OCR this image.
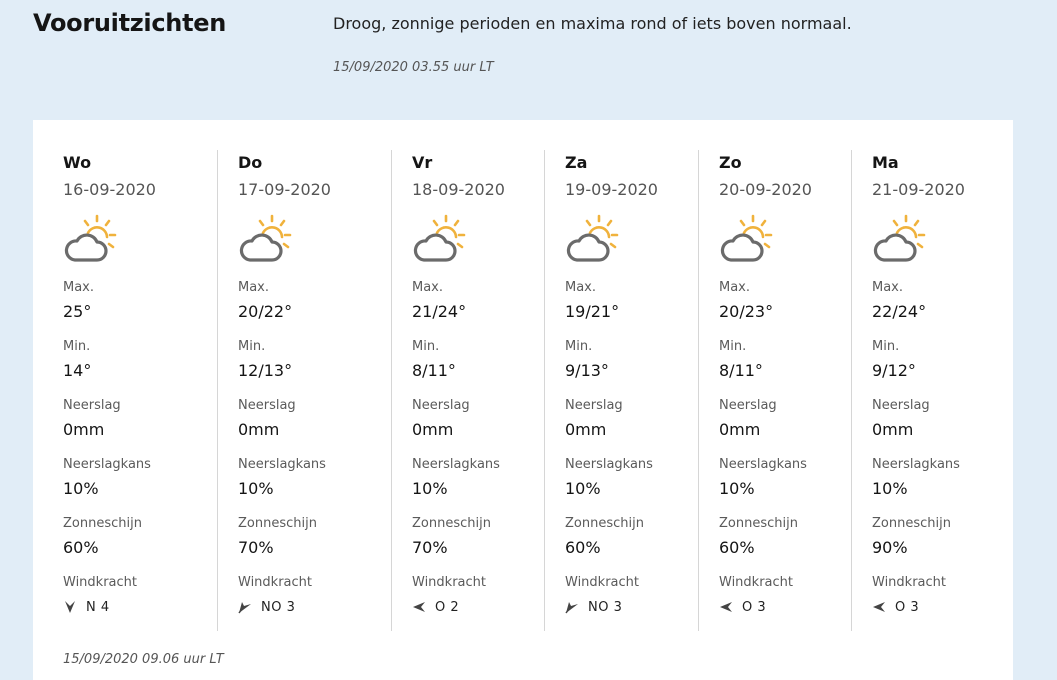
Vooruitzichten	Droog, zonnige perioden en maxima rond of iets boven normaal.
15/09/2020 03.55 uur LT
Wo
16-09-2020
Max.
25°
Min.
14°
Neerslag
0mm
Neerslagkans
10%
Zonneschijn
60%
Windkracht
N 4
Do
17-09-2020
Max.
20/22°
Min.
12/13°
Neerslag
0mm
Neerslagkans
10%
Zonneschijn
70%
Windkracht
NO 3
Vr
18-09-2020
Max.
21/24°
Min.
8/11°
Neerslag
0mm
Neerslagkans
10%
Zonneschijn
70%
Windkracht
O 2
Za
19-09-2020
Max.
19/21°
Min.
9/13°
Neerslag
0mm
Neerslagkans
10%
Zonneschijn
60%
Windkracht
NO 3
Zo
20-09-2020
Max.
20/23°
Min.
8/11°
Neerslag
0mm
Neerslagkans
10%
Zonneschijn
60%
Windkracht
O 3
Ma
21-09-2020
Max.
22/24°
Min.
9/12°
Neerslag
0mm
Neerslagkans
10%
Zonneschijn
90%
Windkracht
O 3
15/09/2020 09.06 uur LT
